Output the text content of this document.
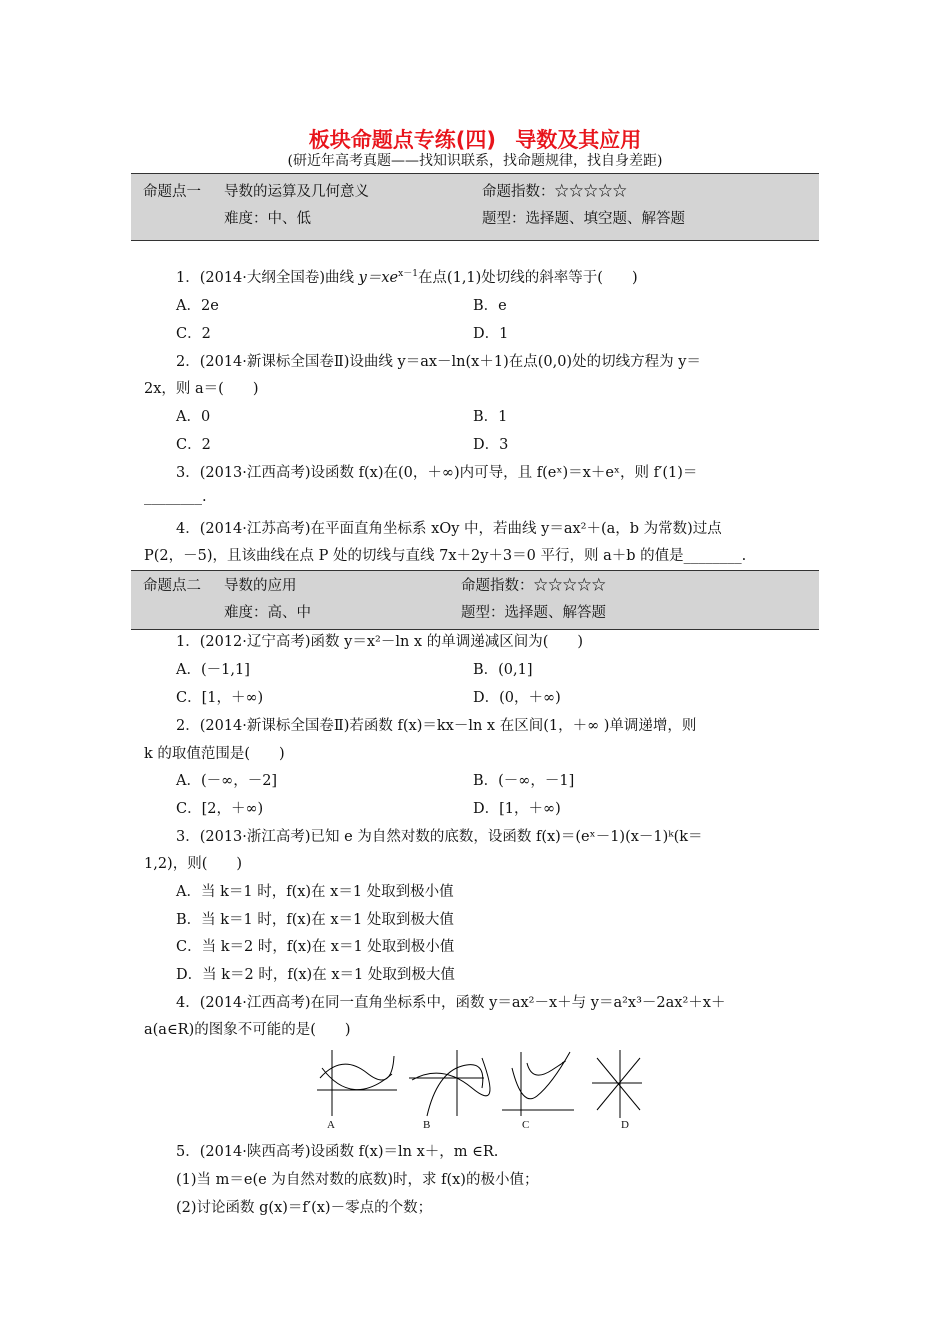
板块命题点专练(四) 导数及其应用
(研近年高考真题——找知识联系，找命题规律，找自身差距)
命题点一 导数的运算及几何意义	命题指数：☆☆☆☆☆
难度：中、低	题型：选择题、填空题、解答题
1．(2014·大纲全国卷)曲线 $y=xe^{x-1}$在点(1,1)处切线的斜率等于(　　)
A．2e	B．e
C．2	D．1
2．(2014·新课标全国卷Ⅱ)设曲线 y＝ax－ln(x＋1)在点(0,0)处的切线方程为 y＝
2x，则 a＝(　　)
A．0	B．1
C．2	D．3
3．(2013·江西高考)设函数 f(x)在(0，＋∞)内可导，且 f(eˣ)＝x＋eˣ，则 f′(1)＝
________.
4．(2014·江苏高考)在平面直角坐标系 xOy 中，若曲线 y＝ax²＋(a，b 为常数)过点
P(2，－5)，且该曲线在点 P 处的切线与直线 7x＋2y＋3＝0 平行，则 a＋b 的值是________.
命题点二 导数的应用	命题指数：☆☆☆☆☆
难度：高、中	题型：选择题、解答题
1．(2012·辽宁高考)函数 y＝x²－ln x 的单调递减区间为(　　)
A．(－1,1]	B．(0,1]
C．[1，＋∞)	D．(0，＋∞)
2．(2014·新课标全国卷Ⅱ)若函数 f(x)＝kx－ln x 在区间(1，＋∞ )单调递增，则
k 的取值范围是(　　)
A．(－∞，－2]	B．(－∞，－1]
C．[2，＋∞)	D．[1，＋∞)
3．(2013·浙江高考)已知 e 为自然对数的底数，设函数 f(x)＝(eˣ－1)(x－1)ᵏ(k＝
1,2)，则(　　)
A．当 k＝1 时，f(x)在 x＝1 处取到极小值
B．当 k＝1 时，f(x)在 x＝1 处取到极大值
C．当 k＝2 时，f(x)在 x＝1 处取到极小值
D．当 k＝2 时，f(x)在 x＝1 处取到极大值
4．(2014·江西高考)在同一直角坐标系中，函数 y＝ax²－x＋与 y＝a²x³－2ax²＋x＋
a(a∈R)的图象不可能的是(　　)
A	B	C	D
5．(2014·陕西高考)设函数 f(x)＝ln x＋，m ∈R.
(1)当 m＝e(e 为自然对数的底数)时，求 f(x)的极小值；
(2)讨论函数 g(x)＝f′(x)－零点的个数；
